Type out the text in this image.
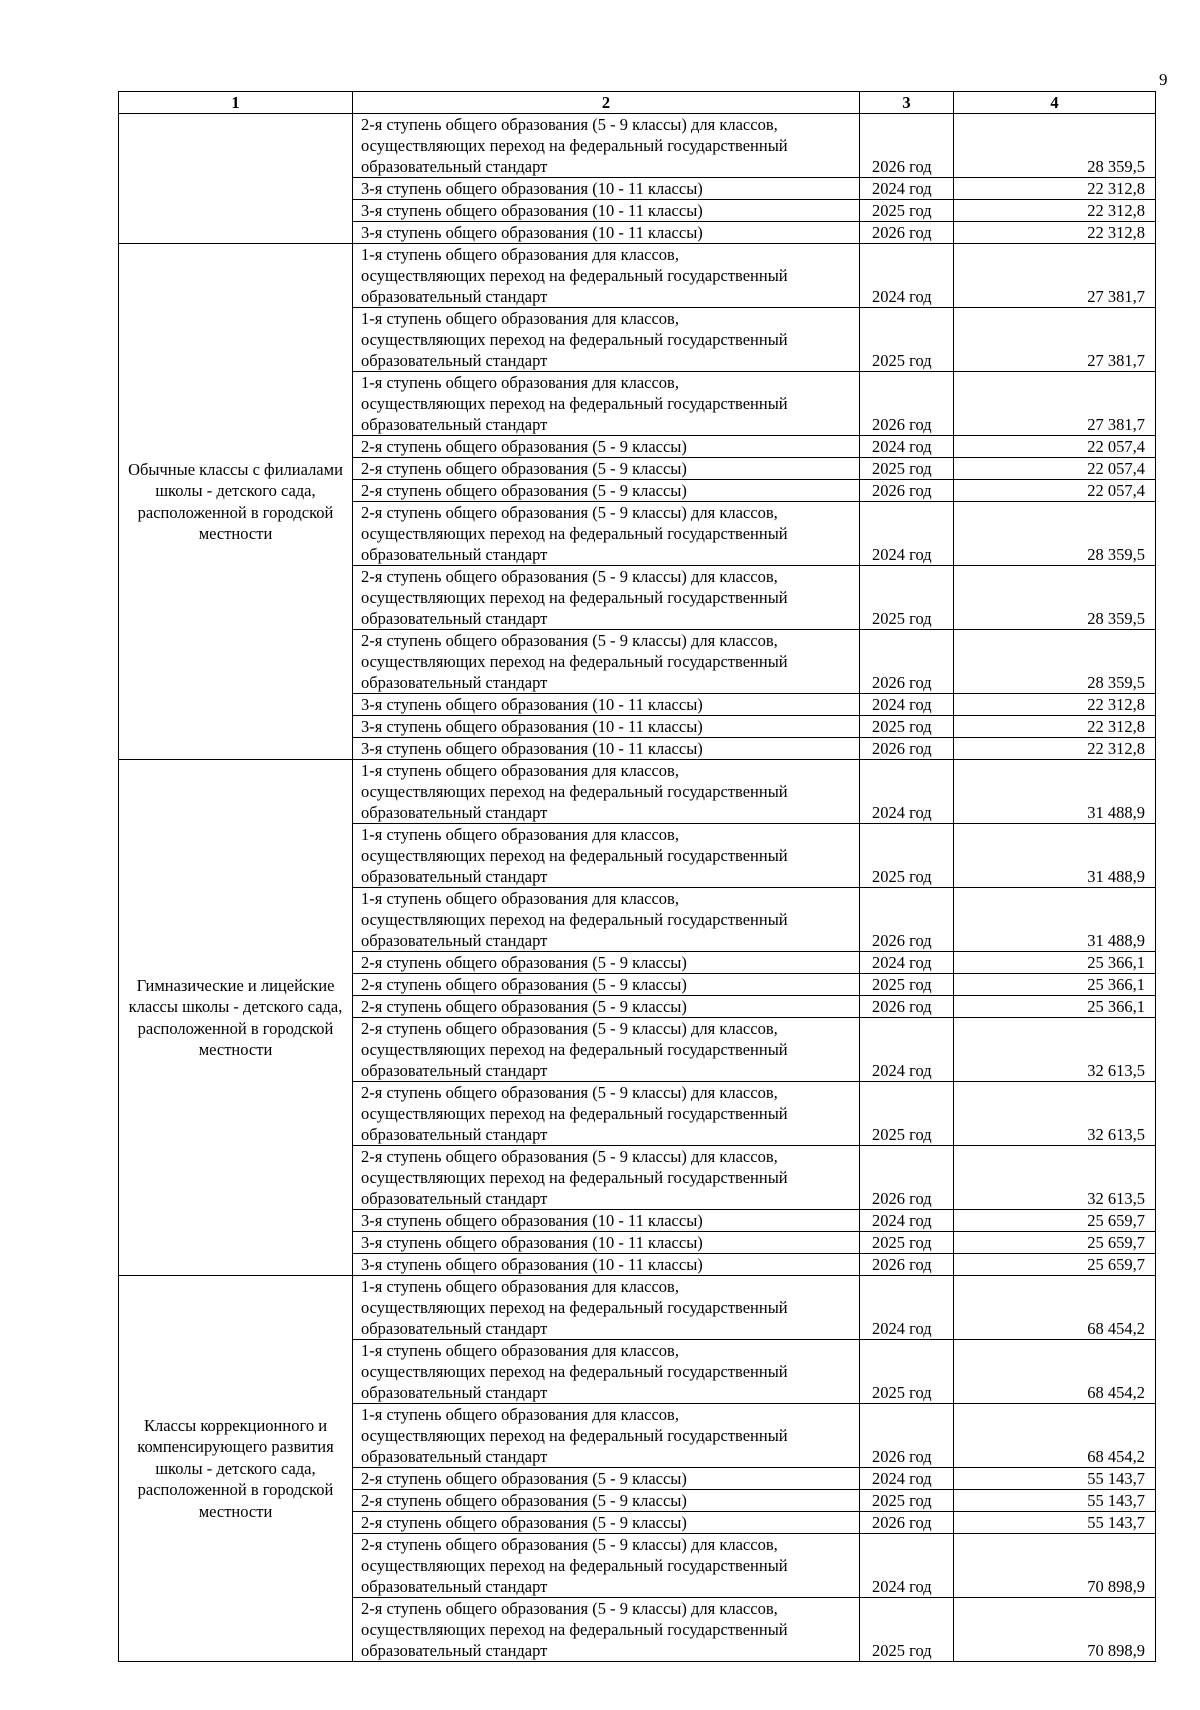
9
1	2	3	4

	2-я ступень общего образования (5 - 9 классы) для классов,
осуществляющих переход на федеральный государственный
образовательный стандарт	2026 год	28 359,5

	3-я ступень общего образования (10 - 11 классы)	2024 год	22 312,8

	3-я ступень общего образования (10 - 11 классы)	2025 год	22 312,8

	3-я ступень общего образования (10 - 11 классы)	2026 год	22 312,8
Обычные классы с филиалами школы - детского сада, расположенной в городской местности	1-я ступень общего образования для классов,
осуществляющих переход на федеральный государственный
образовательный стандарт	2024 год	27 381,7

	1-я ступень общего образования для классов,
осуществляющих переход на федеральный государственный
образовательный стандарт	2025 год	27 381,7

	1-я ступень общего образования для классов,
осуществляющих переход на федеральный государственный
образовательный стандарт	2026 год	27 381,7

	2-я ступень общего образования (5 - 9 классы)	2024 год	22 057,4

	2-я ступень общего образования (5 - 9 классы)	2025 год	22 057,4

	2-я ступень общего образования (5 - 9 классы)	2026 год	22 057,4

	2-я ступень общего образования (5 - 9 классы) для классов,
осуществляющих переход на федеральный государственный
образовательный стандарт	2024 год	28 359,5

	2-я ступень общего образования (5 - 9 классы) для классов,
осуществляющих переход на федеральный государственный
образовательный стандарт	2025 год	28 359,5

	2-я ступень общего образования (5 - 9 классы) для классов,
осуществляющих переход на федеральный государственный
образовательный стандарт	2026 год	28 359,5

	3-я ступень общего образования (10 - 11 классы)	2024 год	22 312,8

	3-я ступень общего образования (10 - 11 классы)	2025 год	22 312,8

	3-я ступень общего образования (10 - 11 классы)	2026 год	22 312,8
Гимназические и лицейские классы школы - детского сада, расположенной в городской местности	1-я ступень общего образования для классов,
осуществляющих переход на федеральный государственный
образовательный стандарт	2024 год	31 488,9

	1-я ступень общего образования для классов,
осуществляющих переход на федеральный государственный
образовательный стандарт	2025 год	31 488,9

	1-я ступень общего образования для классов,
осуществляющих переход на федеральный государственный
образовательный стандарт	2026 год	31 488,9

	2-я ступень общего образования (5 - 9 классы)	2024 год	25 366,1

	2-я ступень общего образования (5 - 9 классы)	2025 год	25 366,1

	2-я ступень общего образования (5 - 9 классы)	2026 год	25 366,1

	2-я ступень общего образования (5 - 9 классы) для классов,
осуществляющих переход на федеральный государственный
образовательный стандарт	2024 год	32 613,5

	2-я ступень общего образования (5 - 9 классы) для классов,
осуществляющих переход на федеральный государственный
образовательный стандарт	2025 год	32 613,5

	2-я ступень общего образования (5 - 9 классы) для классов,
осуществляющих переход на федеральный государственный
образовательный стандарт	2026 год	32 613,5

	3-я ступень общего образования (10 - 11 классы)	2024 год	25 659,7

	3-я ступень общего образования (10 - 11 классы)	2025 год	25 659,7

	3-я ступень общего образования (10 - 11 классы)	2026 год	25 659,7
Классы коррекционного и компенсирующего развития школы - детского сада, расположенной в городской местности	1-я ступень общего образования для классов,
осуществляющих переход на федеральный государственный
образовательный стандарт	2024 год	68 454,2

	1-я ступень общего образования для классов,
осуществляющих переход на федеральный государственный
образовательный стандарт	2025 год	68 454,2

	1-я ступень общего образования для классов,
осуществляющих переход на федеральный государственный
образовательный стандарт	2026 год	68 454,2

	2-я ступень общего образования (5 - 9 классы)	2024 год	55 143,7

	2-я ступень общего образования (5 - 9 классы)	2025 год	55 143,7

	2-я ступень общего образования (5 - 9 классы)	2026 год	55 143,7

	2-я ступень общего образования (5 - 9 классы) для классов,
осуществляющих переход на федеральный государственный
образовательный стандарт	2024 год	70 898,9

	2-я ступень общего образования (5 - 9 классы) для классов,
осуществляющих переход на федеральный государственный
образовательный стандарт	2025 год	70 898,9
